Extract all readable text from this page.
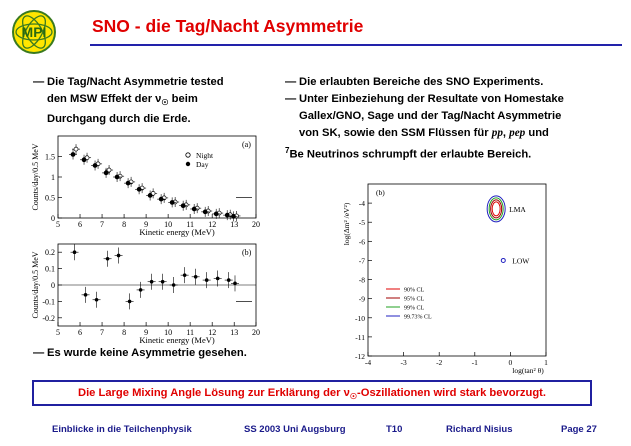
MPI	SNO - die Tag/Nacht Asymmetrie
— Die Tag/Nacht Asymmetrie tested
den MSW Effekt der $\nu_☉$ beim
Durchgang durch die Erde.
— Die erlaubten Bereiche des SNO Experiments.
— Unter Einbeziehung der Resultate von Homestake
Gallex/GNO, Sage und der Tag/Nacht Asymmetrie
von SK, sowie den SSM Flüssen für pp, pep und
$^7$Be Neutrinos schrumpft der erlaubte Bereich.
5 6 7 8 9 10 11 12 13 20
Kinetic energy (MeV)
Counts/day/0.5 MeV	(a)
0
0.5
1
1.5	Night
Day
5 6 7 8 9 10 11 12 13 20
Kinetic energy (MeV)
Counts/day/0.5 MeV	(b)
-0.2
-0.1
0
0.1
0.2
-4	-3	-2	-1	0	1
-4
-5
-6
-7
-8
-9
-10
-11
-12
log(tan² θ)
log(Δm² /eV²)
(b)
LMA
LOW
90% CL
95% CL
99% CL
99.73% CL
— Es wurde keine Asymmetrie gesehen.
Die Large Mixing Angle Lösung zur Erklärung der $\nu_☉$-Oszillationen wird stark bevorzugt.
Einblicke in die Teilchenphysik	SS 2003 Uni Augsburg	T10	Richard Nisius	Page 27
